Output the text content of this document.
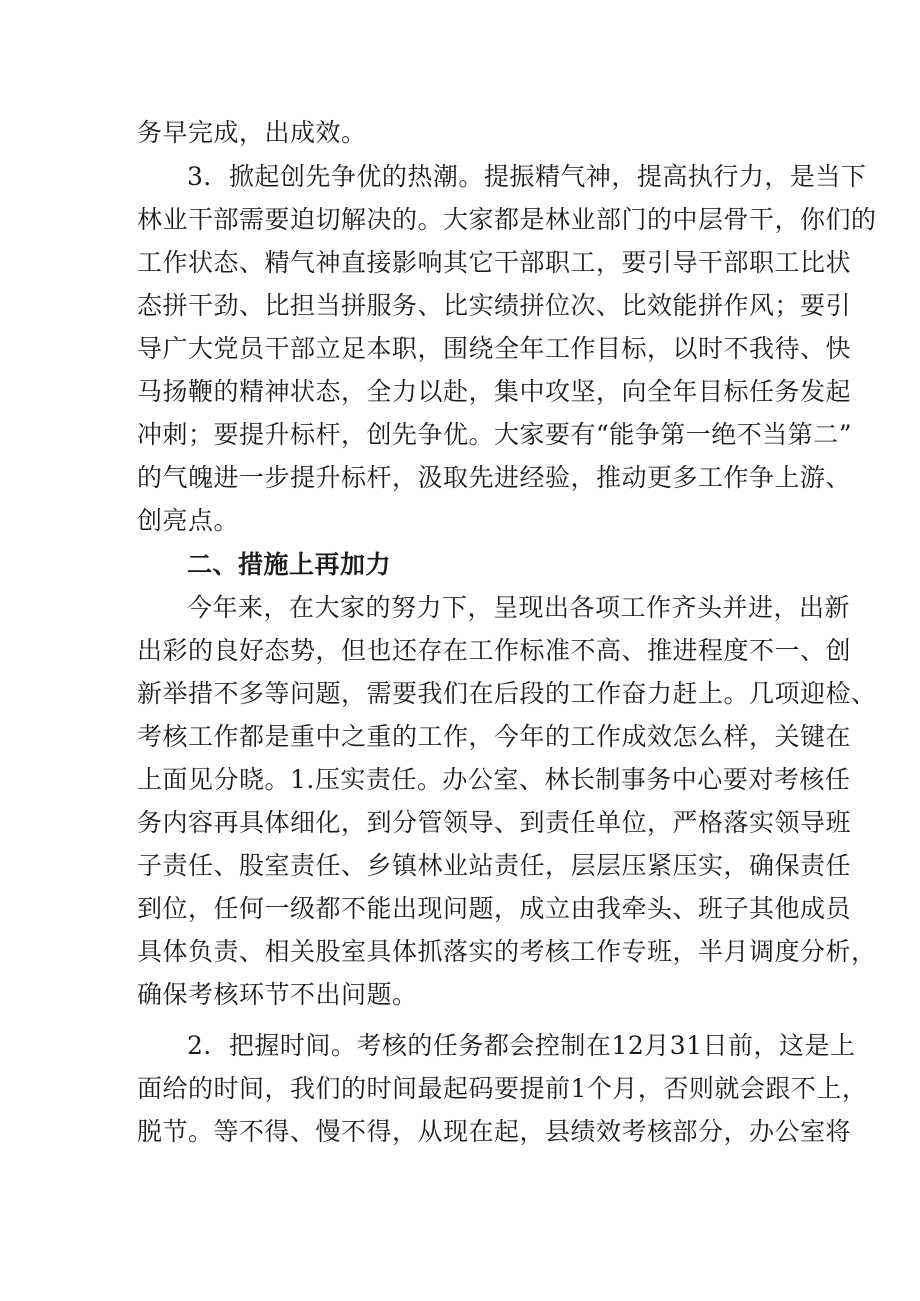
务早完成，出成效。
3．掀起创先争优的热潮。提振精气神，提高执行力，是当下
林业干部需要迫切解决的。大家都是林业部门的中层骨干，你们的
工作状态、精气神直接影响其它干部职工，要引导干部职工比状
态拼干劲、比担当拼服务、比实绩拼位次、比效能拼作风；要引
导广大党员干部立足本职，围绕全年工作目标，以时不我待、快
马扬鞭的精神状态，全力以赴，集中攻坚，向全年目标任务发起
冲刺；要提升标杆，创先争优。大家要有“能争第一绝不当第二”
的气魄进一步提升标杆，汲取先进经验，推动更多工作争上游、
创亮点。
二、措施上再加力
今年来，在大家的努力下，呈现出各项工作齐头并进，出新
出彩的良好态势，但也还存在工作标准不高、推进程度不一、创
新举措不多等问题，需要我们在后段的工作奋力赶上。几项迎检、
考核工作都是重中之重的工作，今年的工作成效怎么样，关键在
上面见分晓。1.压实责任。办公室、林长制事务中心要对考核任
务内容再具体细化，到分管领导、到责任单位，严格落实领导班
子责任、股室责任、乡镇林业站责任，层层压紧压实，确保责任
到位，任何一级都不能出现问题，成立由我牵头、班子其他成员
具体负责、相关股室具体抓落实的考核工作专班，半月调度分析，
确保考核环节不出问题。
2．把握时间。考核的任务都会控制在12月31日前，这是上
面给的时间，我们的时间最起码要提前1个月，否则就会跟不上，
脱节。等不得、慢不得，从现在起，县绩效考核部分，办公室将
